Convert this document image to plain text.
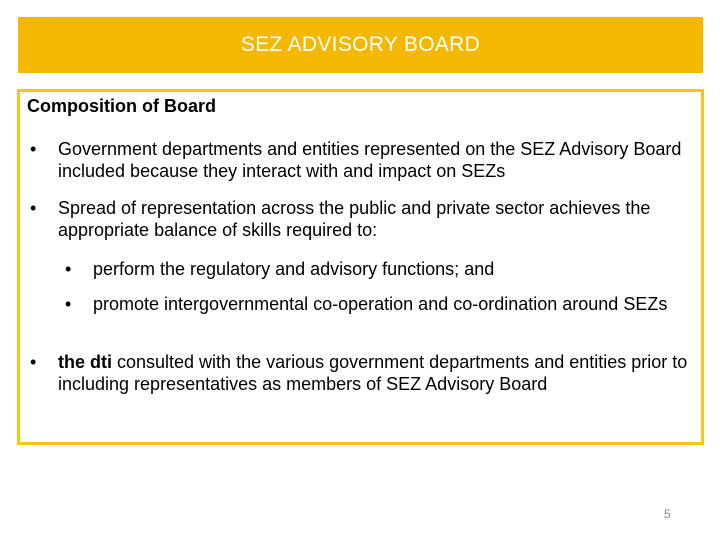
SEZ ADVISORY BOARD
Composition of Board
•	Government departments and entities represented on the SEZ Advisory Board included because they interact with and impact on SEZs
•	Spread of representation across the public and private sector achieves the appropriate balance of skills required to:
•	perform the regulatory and advisory functions; and
•	promote intergovernmental co-operation and co-ordination around SEZs
•	the dti consulted with the various government departments and entities prior to including representatives as members of SEZ Advisory Board
5
